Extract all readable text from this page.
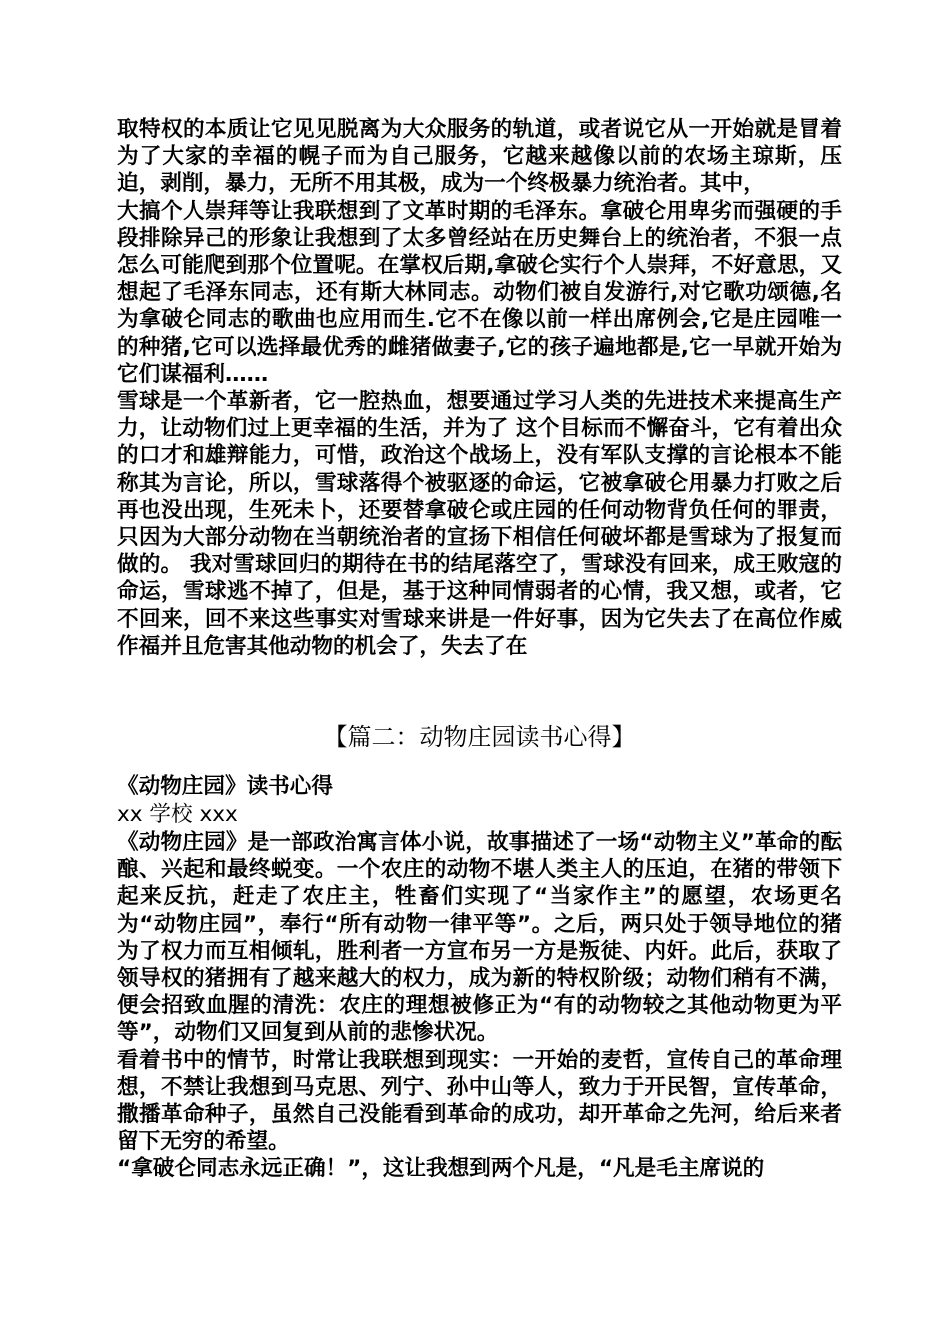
取特权的本质让它见见脱离为大众服务的轨道，或者说它从一开始就是冒着为了大家的幸福的幌子而为自己服务，它越来越像以前的农场主琼斯，压迫，剥削，暴力，无所不用其极，成为一个终极暴力统治者。其中，

大搞个人崇拜等让我联想到了文革时期的毛泽东。拿破仑用卑劣而强硬的手段排除异己的形象让我想到了太多曾经站在历史舞台上的统治者，不狠一点怎么可能爬到那个位置呢。在掌权后期,拿破仑实行个人崇拜，不好意思，又想起了毛泽东同志，还有斯大林同志。动物们被自发游行,对它歌功颂德,名为拿破仑同志的歌曲也应用而生.它不在像以前一样出席例会,它是庄园唯一的种猪,它可以选择最优秀的雌猪做妻子,它的孩子遍地都是,它一早就开始为它们谋福利……

雪球是一个革新者，它一腔热血，想要通过学习人类的先进技术来提高生产力，让动物们过上更幸福的生活，并为了 这个目标而不懈奋斗，它有着出众的口才和雄辩能力，可惜，政治这个战场上，没有军队支撑的言论根本不能称其为言论，所以，雪球落得个被驱逐的命运，它被拿破仑用暴力打败之后再也没出现，生死未卜，还要替拿破仑或庄园的任何动物背负任何的罪责，只因为大部分动物在当朝统治者的宣扬下相信任何破坏都是雪球为了报复而做的。 我对雪球回归的期待在书的结尾落空了，雪球没有回来，成王败寇的命运，雪球逃不掉了，但是，基于这种同情弱者的心情，我又想，或者，它不回来，回不来这些事实对雪球来讲是一件好事，因为它失去了在高位作威作福并且危害其他动物的机会了，失去了在

【篇二：动物庄园读书心得】
《动物庄园》读书心得
xx 学校 xxx

《动物庄园》是一部政治寓言体小说，故事描述了一场“动物主义”革命的酝酿、兴起和最终蜕变。一个农庄的动物不堪人类主人的压迫，在猪的带领下起来反抗，赶走了农庄主，牲畜们实现了“当家作主”的愿望，农场更名为“动物庄园”，奉行“所有动物一律平等”。之后，两只处于领导地位的猪为了权力而互相倾轧，胜利者一方宣布另一方是叛徒、内奸。此后，获取了领导权的猪拥有了越来越大的权力，成为新的特权阶级；动物们稍有不满，便会招致血腥的清洗：农庄的理想被修正为“有的动物较之其他动物更为平等”，动物们又回复到从前的悲惨状况。

看着书中的情节，时常让我联想到现实：一开始的麦哲，宣传自己的革命理想，不禁让我想到马克思、列宁、孙中山等人，致力于开民智，宣传革命，撒播革命种子，虽然自己没能看到革命的成功，却开革命之先河，给后来者留下无穷的希望。

“拿破仑同志永远正确！”，这让我想到两个凡是，“凡是毛主席说的
